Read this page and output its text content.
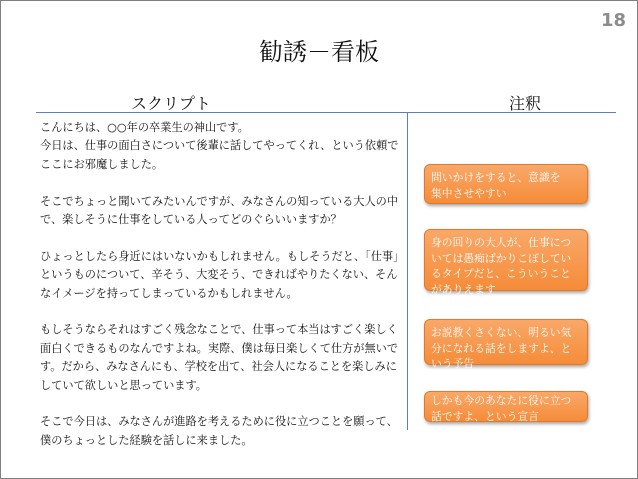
18
勧誘－看板
スクリプト	注釈

こんにちは、○○年の卒業生の神山です。
今日は、仕事の面白さについて後輩に話してやってくれ、という依頼でここにお邪魔しました。

そこでちょっと聞いてみたいんですが、みなさんの知っている大人の中で、楽しそうに仕事をしている人ってどのぐらいいますか？

ひょっとしたら身近にはいないかもしれません。もしそうだと、「仕事」というものについて、辛そう、大変そう、できればやりたくない、そんなイメージを持ってしまっているかもしれません。

もしそうならそれはすごく残念なことで、仕事って本当はすごく楽しく面白くできるものなんですよね。実際、僕は毎日楽しくて仕方が無いです。だから、みなさんにも、学校を出て、社会人になることを楽しみにしていて欲しいと思っています。

そこで今日は、みなさんが進路を考えるために役に立つことを願って、僕のちょっとした経験を話しに来ました。

問いかけをすると、意識を
集中させやすい
身の回りの大人が、仕事につ
いては愚痴ばかりこぼしてい
るタイプだと、こういうこと
がありえます
お説教くさくない、明るい気
分になれる話をしますよ、と
いう予告
しかも今のあなたに役に立つ
話ですよ、という宣言
